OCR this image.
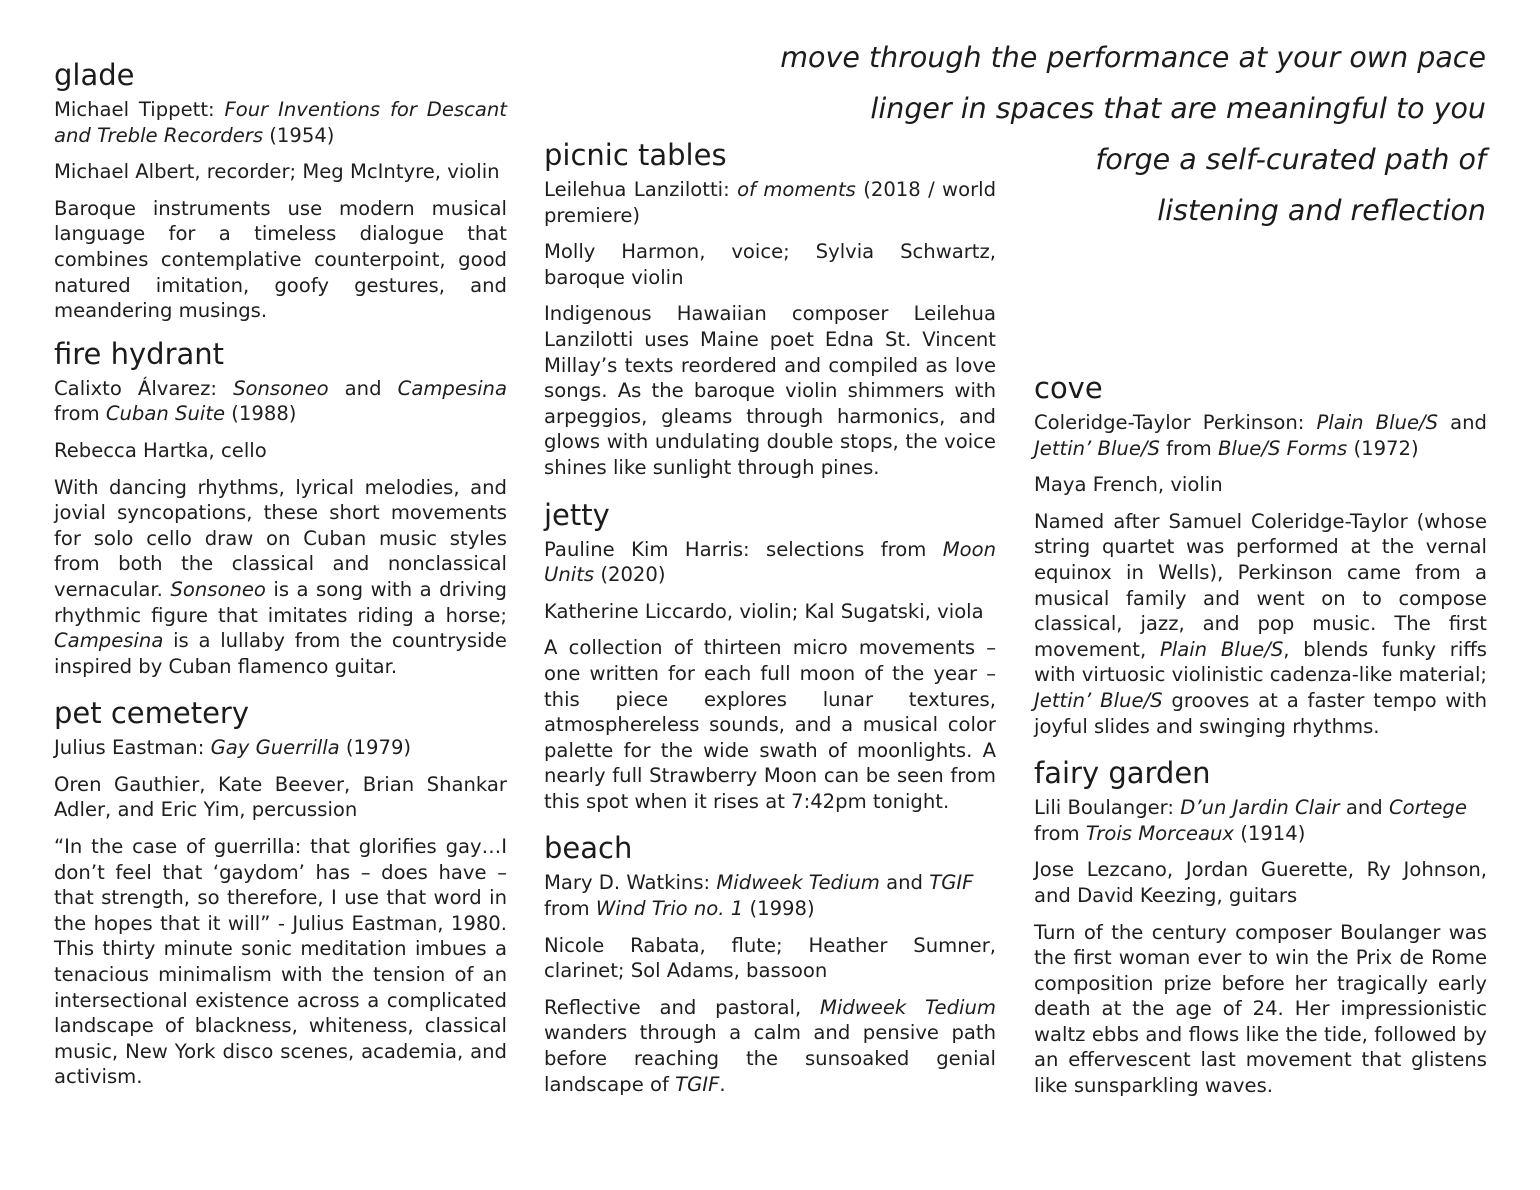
move through the performance at your own pace

linger in spaces that are meaningful to you

forge a self-curated path of

listening and reflection

glade

Michael Tippett: Four Inventions for Descant and Treble Recorders (1954)

Michael Albert, recorder; Meg McIntyre, violin

Baroque instruments use modern musical language for a timeless dialogue that combines contemplative counterpoint, good natured imitation, goofy gestures, and meandering musings.

fire hydrant

Calixto Álvarez: Sonsoneo and Campesina from Cuban Suite (1988)

Rebecca Hartka, cello

With dancing rhythms, lyrical melodies, and jovial syncopations, these short movements for solo cello draw on Cuban music styles from both the classical and nonclassical vernacular. Sonsoneo is a song with a driving rhythmic figure that imitates riding a horse; Campesina is a lullaby from the countryside inspired by Cuban flamenco guitar.

pet cemetery

Julius Eastman: Gay Guerrilla (1979)

Oren Gauthier, Kate Beever, Brian Shankar Adler, and Eric Yim, percussion

“In the case of guerrilla: that glorifies gay…I don’t feel that ‘gaydom’ has – does have – that strength, so therefore, I use that word in the hopes that it will” - Julius Eastman, 1980. This thirty minute sonic meditation imbues a tenacious minimalism with the tension of an intersectional existence across a complicated landscape of blackness, whiteness, classical music, New York disco scenes, academia, and activism.

picnic tables

Leilehua Lanzilotti: of moments (2018 / world premiere)

Molly Harmon, voice; Sylvia Schwartz, baroque violin

Indigenous Hawaiian composer Leilehua Lanzilotti uses Maine poet Edna St. Vincent Millay’s texts reordered and compiled as love songs. As the baroque violin shimmers with arpeggios, gleams through harmonics, and glows with undulating double stops, the voice shines like sunlight through pines.

jetty

Pauline Kim Harris: selections from Moon Units (2020)

Katherine Liccardo, violin; Kal Sugatski, viola

A collection of thirteen micro movements – one written for each full moon of the year – this piece explores lunar textures, atmosphereless sounds, and a musical color palette for the wide swath of moonlights. A nearly full Strawberry Moon can be seen from this spot when it rises at 7:42pm tonight.

beach

Mary D. Watkins: Midweek Tedium and TGIF
from Wind Trio no. 1 (1998)

Nicole Rabata, flute; Heather Sumner, clarinet; Sol Adams, bassoon

Reflective and pastoral, Midweek Tedium wanders through a calm and pensive path before reaching the sunsoaked genial landscape of TGIF.

cove

Coleridge-Taylor Perkinson: Plain Blue/S and Jettin’ Blue/S from Blue/S Forms (1972)

Maya French, violin

Named after Samuel Coleridge-Taylor (whose string quartet was performed at the vernal equinox in Wells), Perkinson came from a musical family and went on to compose classical, jazz, and pop music. The first movement, Plain Blue/S, blends funky riffs with virtuosic violinistic cadenza-like material; Jettin’ Blue/S grooves at a faster tempo with joyful slides and swinging rhythms.

fairy garden

Lili Boulanger: D’un Jardin Clair and Cortege
from Trois Morceaux (1914)

Jose Lezcano, Jordan Guerette, Ry Johnson, and David Keezing, guitars

Turn of the century composer Boulanger was the first woman ever to win the Prix de Rome composition prize before her tragically early death at the age of 24. Her impressionistic waltz ebbs and flows like the tide, followed by an effervescent last movement that glistens like sunsparkling waves.
